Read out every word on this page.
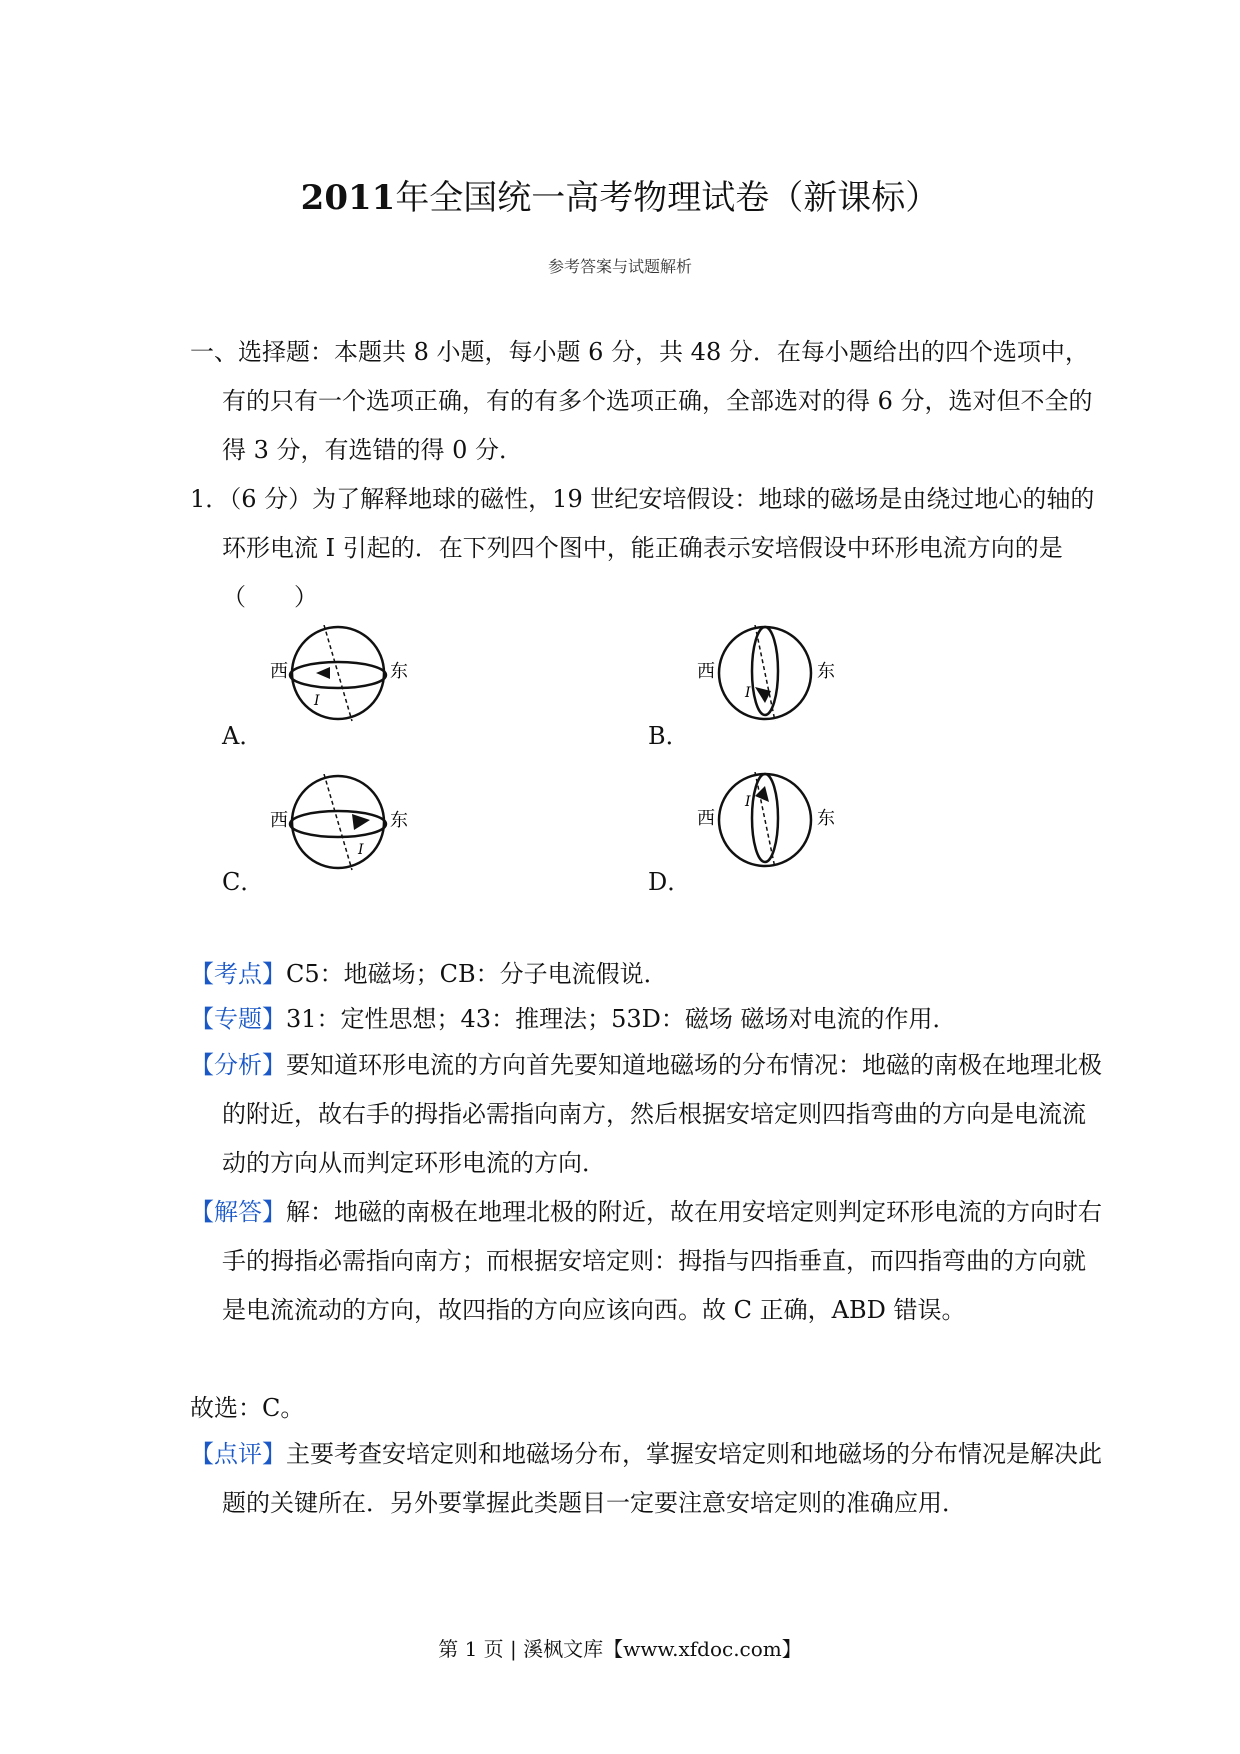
2011年全国统一高考物理试卷（新课标）
参考答案与试题解析
一、选择题：本题共 8 小题，每小题 6 分，共 48 分．在每小题给出的四个选项中，有的只有一个选项正确，有的有多个选项正确，全部选对的得 6 分，选对但不全的得 3 分，有选错的得 0 分．
1．（6 分）为了解释地球的磁性，19 世纪安培假设：地球的磁场是由绕过地心的轴的环形电流 I 引起的．在下列四个图中，能正确表示安培假设中环形电流方向的是（　　）
西
I
东
A．
西
I
东
B．
西
I
东
C．
西
I
东
D．
【考点】C5：地磁场；CB：分子电流假说．
【专题】31：定性思想；43：推理法；53D：磁场 磁场对电流的作用．
【分析】要知道环形电流的方向首先要知道地磁场的分布情况：地磁的南极在地理北极的附近，故右手的拇指必需指向南方，然后根据安培定则四指弯曲的方向是电流流动的方向从而判定环形电流的方向．
【解答】解：地磁的南极在地理北极的附近，故在用安培定则判定环形电流的方向时右手的拇指必需指向南方；而根据安培定则：拇指与四指垂直，而四指弯曲的方向就是电流流动的方向，故四指的方向应该向西。故 C 正确，ABD 错误。
故选：C。
【点评】主要考查安培定则和地磁场分布，掌握安培定则和地磁场的分布情况是解决此题的关键所在．另外要掌握此类题目一定要注意安培定则的准确应用．
第 1 页 | 溪枫文库【www.xfdoc.com】
